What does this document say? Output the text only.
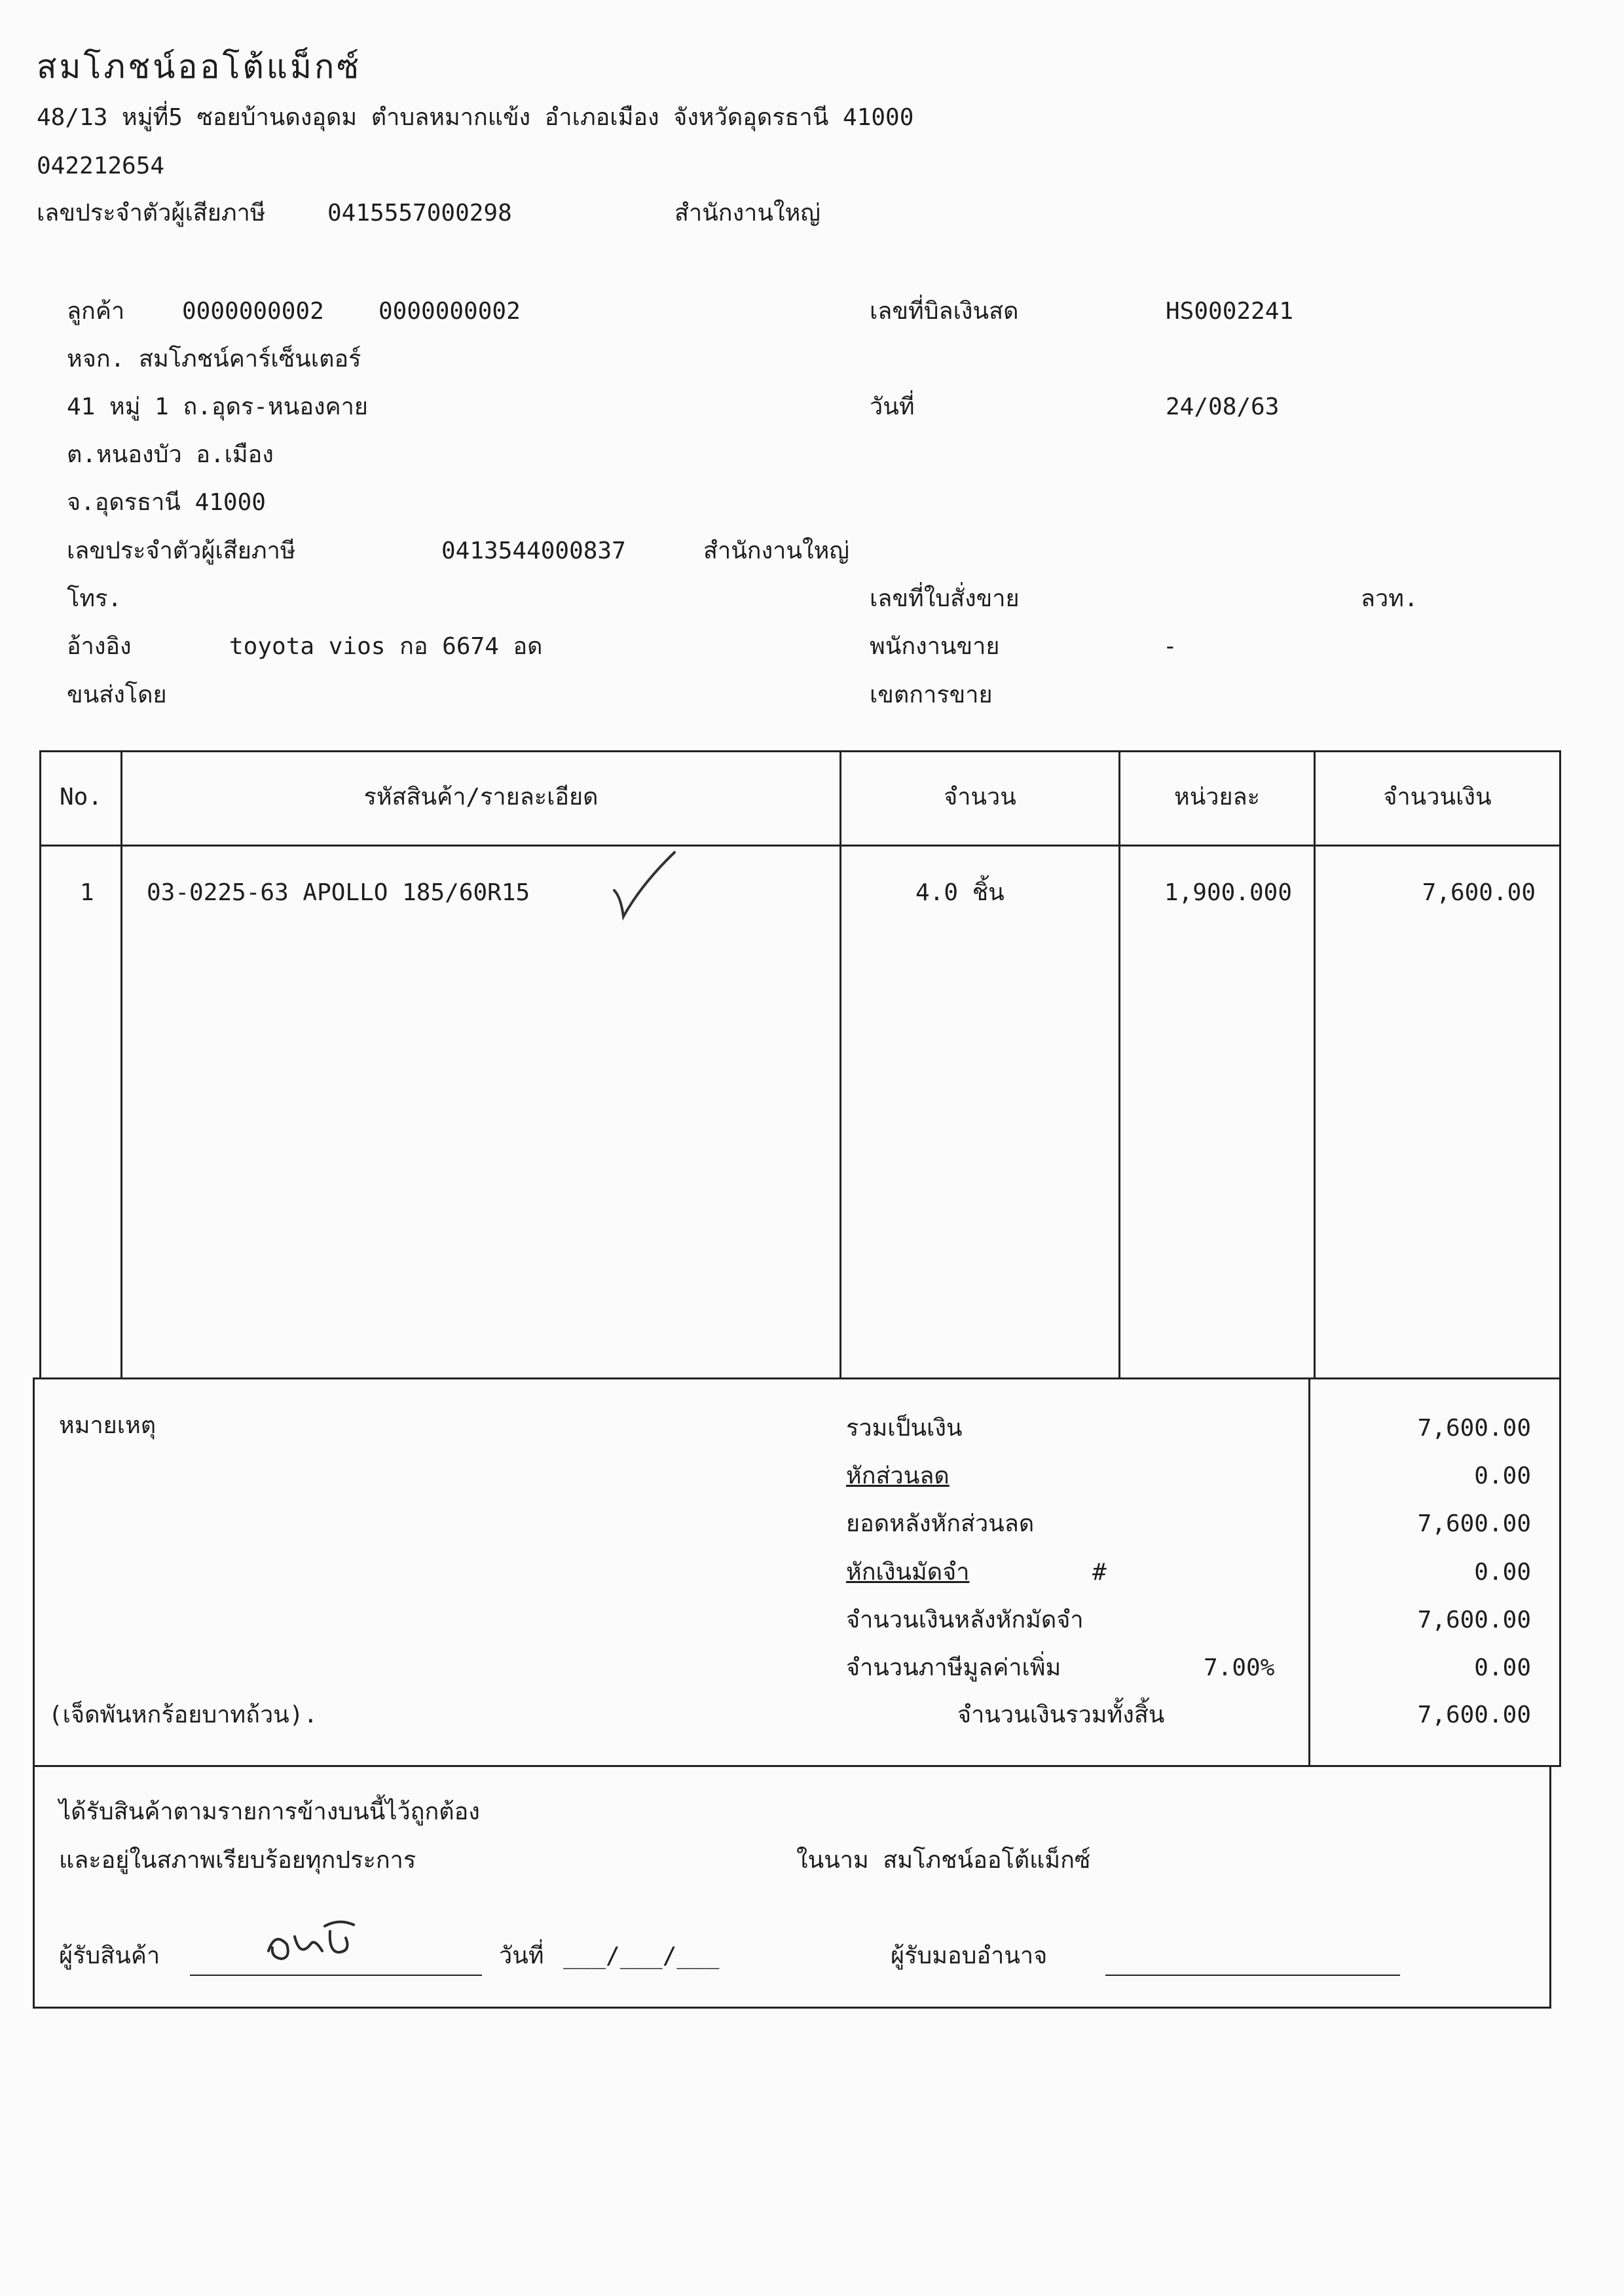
สมโภชน์ออโต้แม็กซ์
48/13 หมู่ที่5 ซอยบ้านดงอุดม ตำบลหมากแข้ง อำเภอเมือง จังหวัดอุดรธานี 41000
042212654
เลขประจำตัวผู้เสียภาษี	0415557000298	สำนักงานใหญ่
ลูกค้า 0000000002 0000000002
หจก. สมโภชน์คาร์เซ็นเตอร์
41 หมู่ 1 ถ.อุดร-หนองคาย
ต.หนองบัว อ.เมือง
จ.อุดรธานี 41000
เลขประจำตัวผู้เสียภาษี	0413544000837	สำนักงานใหญ่
โทร.
อ้างอิง	toyota vios กอ 6674 อด
ขนส่งโดย
เลขที่บิลเงินสด	HS0002241
วันที่	24/08/63
เลขที่ใบสั่งขาย	ลวท.
พนักงานขาย	-
เขตการขาย
No.	รหัสสินค้า/รายละเอียด	จำนวน	หน่วยละ	จำนวนเงิน
1 03-0225-63 APOLLO 185/60R15	4.0 ชิ้น	1,900.000	7,600.00
หมายเหตุ
(เจ็ดพันหกร้อยบาทถ้วน).
รวมเป็นเงิน	7,600.00
หักส่วนลด	0.00
ยอดหลังหักส่วนลด	7,600.00
หักเงินมัดจำ	#	0.00
จำนวนเงินหลังหักมัดจำ	7,600.00
จำนวนภาษีมูลค่าเพิ่ม	7.00%	0.00
จำนวนเงินรวมทั้งสิ้น	7,600.00
ได้รับสินค้าตามรายการข้างบนนี้ไว้ถูกต้อง
และอยู่ในสภาพเรียบร้อยทุกประการ	ในนาม สมโภชน์ออโต้แม็กซ์
ผู้รับสินค้า	วันที่ ___/___/___	ผู้รับมอบอำนาจ
